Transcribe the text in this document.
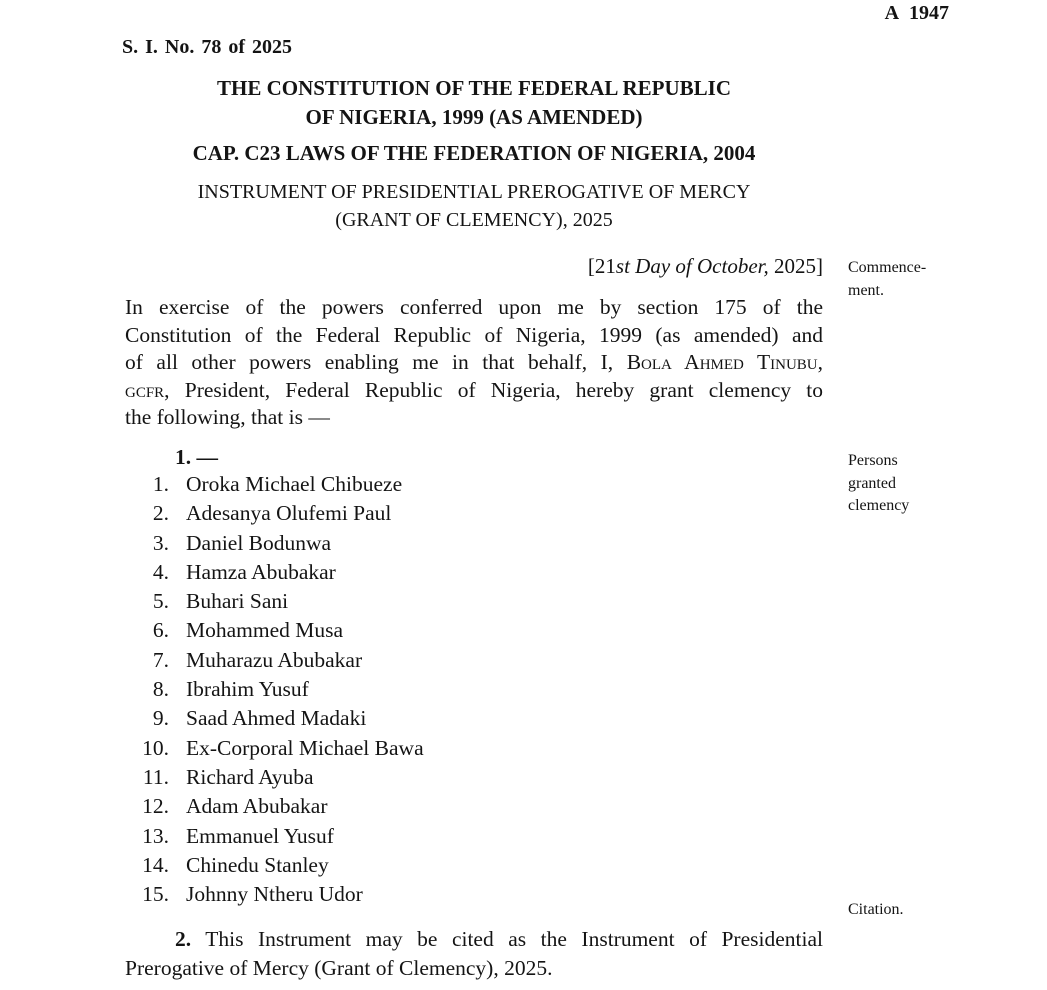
A 1947
S. I. No. 78 of 2025
THE CONSTITUTION OF THE FEDERAL REPUBLIC
OF NIGERIA, 1999 (AS AMENDED)
CAP. C23 LAWS OF THE FEDERATION OF NIGERIA, 2004
INSTRUMENT OF PRESIDENTIAL PREROGATIVE OF MERCY
(GRANT OF CLEMENCY), 2025
[21st Day of October, 2025] Commence-
ment.
Persons granted clemency
Citation.
In exercise of the powers conferred upon me by section 175 of the
Constitution of the Federal Republic of Nigeria, 1999 (as amended) and
of all other powers enabling me in that behalf, I, Bola Ahmed Tinubu,
gcfr, President, Federal Republic of Nigeria, hereby grant clemency to
the following, that is —
1. —
1. Oroka Michael Chibueze
2. Adesanya Olufemi Paul
3. Daniel Bodunwa
4. Hamza Abubakar
5. Buhari Sani
6. Mohammed Musa
7. Muharazu Abubakar
8. Ibrahim Yusuf
9. Saad Ahmed Madaki
10. Ex-Corporal Michael Bawa
11. Richard Ayuba
12. Adam Abubakar
13. Emmanuel Yusuf
14. Chinedu Stanley
15. Johnny Ntheru Udor
2. This Instrument may be cited as the Instrument of Presidential
Prerogative of Mercy (Grant of Clemency), 2025.
